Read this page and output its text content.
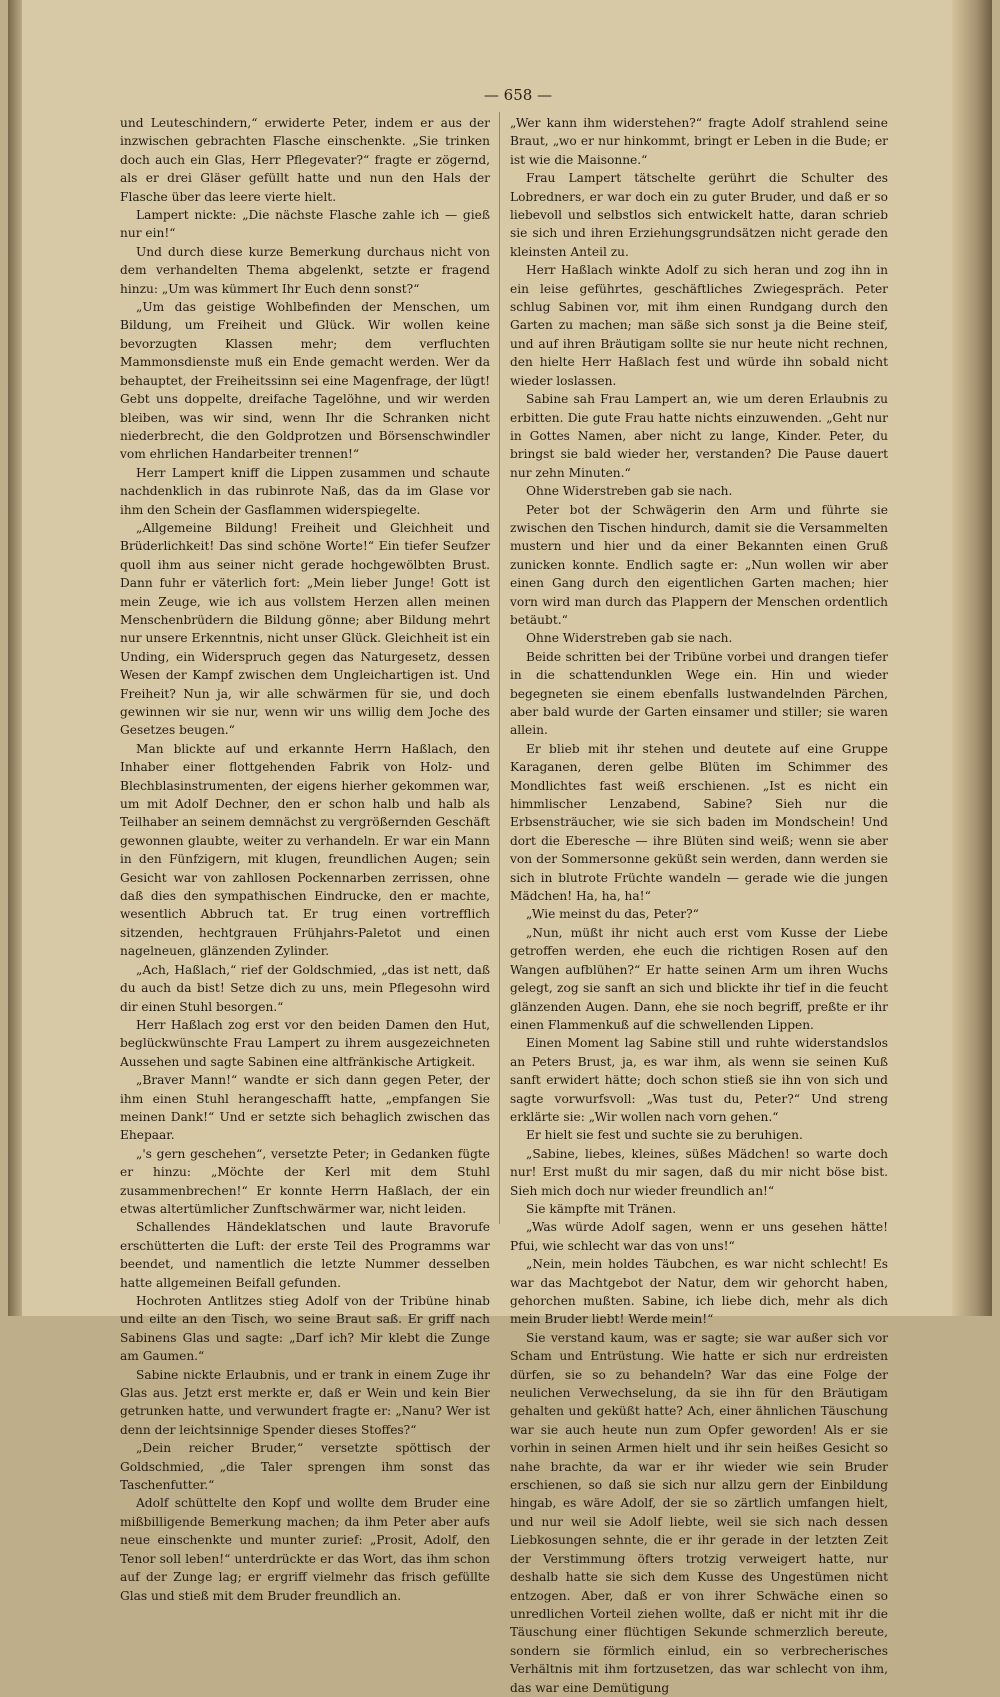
— 658 —

und Leuteschindern,“ erwiderte Peter, indem er aus der inzwischen gebrachten Flasche einschenkte. „Sie trinken doch auch ein Glas, Herr Pflegevater?“ fragte er zögernd, als er drei Gläser gefüllt hatte und nun den Hals der Flasche über das leere vierte hielt.

Lampert nickte: „Die nächste Flasche zahle ich — gieß nur ein!“

Und durch diese kurze Bemerkung durchaus nicht von dem verhandelten Thema abgelenkt, setzte er fragend hinzu: „Um was kümmert Ihr Euch denn sonst?“

„Um das geistige Wohlbefinden der Menschen, um Bildung, um Freiheit und Glück. Wir wollen keine bevorzugten Klassen mehr; dem verfluchten Mammonsdienste muß ein Ende gemacht werden. Wer da behauptet, der Freiheitssinn sei eine Magenfrage, der lügt! Gebt uns doppelte, dreifache Tagelöhne, und wir werden bleiben, was wir sind, wenn Ihr die Schranken nicht niederbrecht, die den Goldprotzen und Börsenschwindler vom ehrlichen Handarbeiter trennen!“

Herr Lampert kniff die Lippen zusammen und schaute nachdenklich in das rubinrote Naß, das da im Glase vor ihm den Schein der Gasflammen widerspiegelte.

„Allgemeine Bildung! Freiheit und Gleichheit und Brüderlichkeit! Das sind schöne Worte!“ Ein tiefer Seufzer quoll ihm aus seiner nicht gerade hochgewölbten Brust. Dann fuhr er väterlich fort: „Mein lieber Junge! Gott ist mein Zeuge, wie ich aus vollstem Herzen allen meinen Menschenbrüdern die Bildung gönne; aber Bildung mehrt nur unsere Erkenntnis, nicht unser Glück. Gleichheit ist ein Unding, ein Widerspruch gegen das Naturgesetz, dessen Wesen der Kampf zwischen dem Ungleichartigen ist. Und Freiheit? Nun ja, wir alle schwärmen für sie, und doch gewinnen wir sie nur, wenn wir uns willig dem Joche des Gesetzes beugen.“

Man blickte auf und erkannte Herrn Haßlach, den Inhaber einer flottgehenden Fabrik von Holz- und Blechblasinstrumenten, der eigens hierher gekommen war, um mit Adolf Dechner, den er schon halb und halb als Teilhaber an seinem demnächst zu vergrößernden Geschäft gewonnen glaubte, weiter zu verhandeln. Er war ein Mann in den Fünfzigern, mit klugen, freundlichen Augen; sein Gesicht war von zahllosen Pockennarben zerrissen, ohne daß dies den sympathischen Eindrucke, den er machte, wesentlich Abbruch tat. Er trug einen vortrefflich sitzenden, hechtgrauen Frühjahrs-Paletot und einen nagelneuen, glänzenden Zylinder.

„Ach, Haßlach,“ rief der Goldschmied, „das ist nett, daß du auch da bist! Setze dich zu uns, mein Pflegesohn wird dir einen Stuhl besorgen.“

Herr Haßlach zog erst vor den beiden Damen den Hut, beglückwünschte Frau Lampert zu ihrem ausgezeichneten Aussehen und sagte Sabinen eine altfränkische Artigkeit.

„Braver Mann!“ wandte er sich dann gegen Peter, der ihm einen Stuhl herangeschafft hatte, „empfangen Sie meinen Dank!“ Und er setzte sich behaglich zwischen das Ehepaar.

„'s gern geschehen“, versetzte Peter; in Gedanken fügte er hinzu: „Möchte der Kerl mit dem Stuhl zusammenbrechen!“ Er konnte Herrn Haßlach, der ein etwas altertümlicher Zunftschwärmer war, nicht leiden.

Schallendes Händeklatschen und laute Bravorufe erschütterten die Luft: der erste Teil des Programms war beendet, und namentlich die letzte Nummer desselben hatte allgemeinen Beifall gefunden.

Hochroten Antlitzes stieg Adolf von der Tribüne hinab und eilte an den Tisch, wo seine Braut saß. Er griff nach Sabinens Glas und sagte: „Darf ich? Mir klebt die Zunge am Gaumen.“

Sabine nickte Erlaubnis, und er trank in einem Zuge ihr Glas aus. Jetzt erst merkte er, daß er Wein und kein Bier getrunken hatte, und verwundert fragte er: „Nanu? Wer ist denn der leichtsinnige Spender dieses Stoffes?“

„Dein reicher Bruder,“ versetzte spöttisch der Goldschmied, „die Taler sprengen ihm sonst das Taschenfutter.“

Adolf schüttelte den Kopf und wollte dem Bruder eine mißbilligende Bemerkung machen; da ihm Peter aber aufs neue einschenkte und munter zurief: „Prosit, Adolf, den Tenor soll leben!“ unterdrückte er das Wort, das ihm schon auf der Zunge lag; er ergriff vielmehr das frisch gefüllte Glas und stieß mit dem Bruder freundlich an.

„Wer kann ihm widerstehen?“ fragte Adolf strahlend seine Braut, „wo er nur hinkommt, bringt er Leben in die Bude; er ist wie die Maisonne.“

Frau Lampert tätschelte gerührt die Schulter des Lobredners, er war doch ein zu guter Bruder, und daß er so liebevoll und selbstlos sich entwickelt hatte, daran schrieb sie sich und ihren Erziehungsgrundsätzen nicht gerade den kleinsten Anteil zu.

Herr Haßlach winkte Adolf zu sich heran und zog ihn in ein leise geführtes, geschäftliches Zwiegespräch. Peter schlug Sabinen vor, mit ihm einen Rundgang durch den Garten zu machen; man säße sich sonst ja die Beine steif, und auf ihren Bräutigam sollte sie nur heute nicht rechnen, den hielte Herr Haßlach fest und würde ihn sobald nicht wieder loslassen.

Sabine sah Frau Lampert an, wie um deren Erlaubnis zu erbitten. Die gute Frau hatte nichts einzuwenden. „Geht nur in Gottes Namen, aber nicht zu lange, Kinder. Peter, du bringst sie bald wieder her, verstanden? Die Pause dauert nur zehn Minuten.“

Ohne Widerstreben gab sie nach.

Peter bot der Schwägerin den Arm und führte sie zwischen den Tischen hindurch, damit sie die Versammelten mustern und hier und da einer Bekannten einen Gruß zunicken konnte. Endlich sagte er: „Nun wollen wir aber einen Gang durch den eigentlichen Garten machen; hier vorn wird man durch das Plappern der Menschen ordentlich betäubt.“

Ohne Widerstreben gab sie nach.

Beide schritten bei der Tribüne vorbei und drangen tiefer in die schattendunklen Wege ein. Hin und wieder begegneten sie einem ebenfalls lustwandelnden Pärchen, aber bald wurde der Garten einsamer und stiller; sie waren allein.

Er blieb mit ihr stehen und deutete auf eine Gruppe Karaganen, deren gelbe Blüten im Schimmer des Mondlichtes fast weiß erschienen. „Ist es nicht ein himmlischer Lenzabend, Sabine? Sieh nur die Erbsensträucher, wie sie sich baden im Mondschein! Und dort die Eberesche — ihre Blüten sind weiß; wenn sie aber von der Sommersonne geküßt sein werden, dann werden sie sich in blutrote Früchte wandeln — gerade wie die jungen Mädchen! Ha, ha, ha!“

„Wie meinst du das, Peter?“

„Nun, müßt ihr nicht auch erst vom Kusse der Liebe getroffen werden, ehe euch die richtigen Rosen auf den Wangen aufblühen?“ Er hatte seinen Arm um ihren Wuchs gelegt, zog sie sanft an sich und blickte ihr tief in die feucht glänzenden Augen. Dann, ehe sie noch begriff, preßte er ihr einen Flammenkuß auf die schwellenden Lippen.

Einen Moment lag Sabine still und ruhte widerstandslos an Peters Brust, ja, es war ihm, als wenn sie seinen Kuß sanft erwidert hätte; doch schon stieß sie ihn von sich und sagte vorwurfsvoll: „Was tust du, Peter?“ Und streng erklärte sie: „Wir wollen nach vorn gehen.“

Er hielt sie fest und suchte sie zu beruhigen.

„Sabine, liebes, kleines, süßes Mädchen! so warte doch nur! Erst mußt du mir sagen, daß du mir nicht böse bist. Sieh mich doch nur wieder freundlich an!“

Sie kämpfte mit Tränen.

„Was würde Adolf sagen, wenn er uns gesehen hätte! Pfui, wie schlecht war das von uns!“

„Nein, mein holdes Täubchen, es war nicht schlecht! Es war das Machtgebot der Natur, dem wir gehorcht haben, gehorchen mußten. Sabine, ich liebe dich, mehr als dich mein Bruder liebt! Werde mein!“

Sie verstand kaum, was er sagte; sie war außer sich vor Scham und Entrüstung. Wie hatte er sich nur erdreisten dürfen, sie so zu behandeln? War das eine Folge der neulichen Verwechselung, da sie ihn für den Bräutigam gehalten und geküßt hatte? Ach, einer ähnlichen Täuschung war sie auch heute nun zum Opfer geworden! Als er sie vorhin in seinen Armen hielt und ihr sein heißes Gesicht so nahe brachte, da war er ihr wieder wie sein Bruder erschienen, so daß sie sich nur allzu gern der Einbildung hingab, es wäre Adolf, der sie so zärtlich umfangen hielt, und nur weil sie Adolf liebte, weil sie sich nach dessen Liebkosungen sehnte, die er ihr gerade in der letzten Zeit der Verstimmung öfters trotzig verweigert hatte, nur deshalb hatte sie sich dem Kusse des Ungestümen nicht entzogen. Aber, daß er von ihrer Schwäche einen so unredlichen Vorteil ziehen wollte, daß er nicht mit ihr die Täuschung einer flüchtigen Sekunde schmerzlich bereute, sondern sie förmlich einlud, ein so verbrecherisches Verhältnis mit ihm fortzusetzen, das war schlecht von ihm, das war eine Demütigung
